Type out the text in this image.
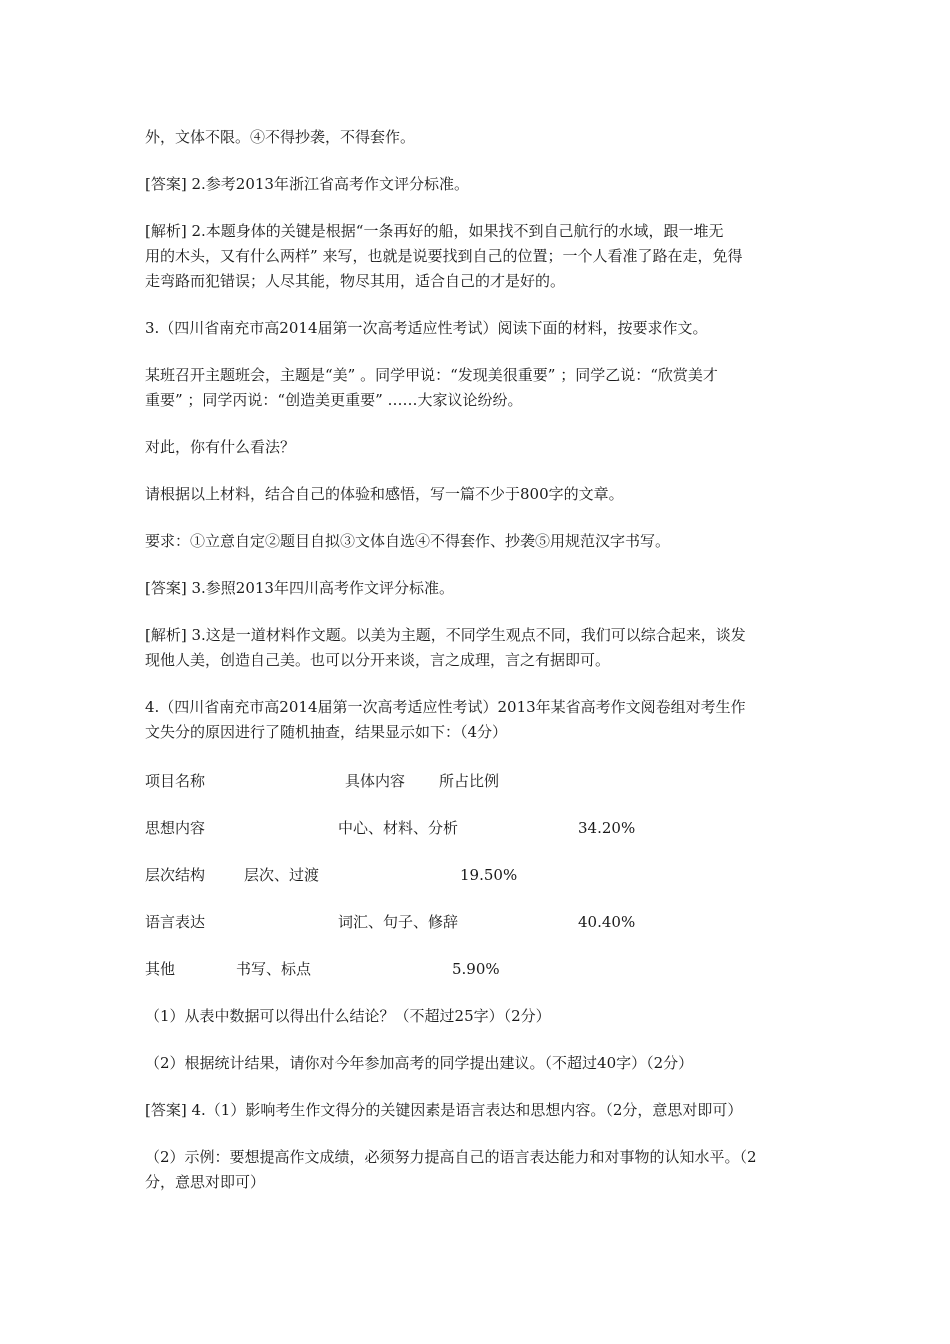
外，文体不限。④不得抄袭，不得套作。

[答案] 2.参考2013年浙江省高考作文评分标准。

[解析] 2.本题身体的关键是根据“一条再好的船，如果找不到自己航行的水域，跟一堆无

用的木头，又有什么两样” 来写，也就是说要找到自己的位置；一个人看准了路在走，免得

走弯路而犯错误；人尽其能，物尽其用，适合自己的才是好的。

3.（四川省南充市高2014届第一次高考适应性考试）阅读下面的材料，按要求作文。

某班召开主题班会，主题是“美” 。同学甲说：“发现美很重要” ；同学乙说：“欣赏美才

重要” ；同学丙说：“创造美更重要” ……大家议论纷纷。

对此，你有什么看法？

请根据以上材料，结合自己的体验和感悟，写一篇不少于800字的文章。

要求：①立意自定②题目自拟③文体自选④不得套作、抄袭⑤用规范汉字书写。

[答案] 3.参照2013年四川高考作文评分标准。

[解析] 3.这是一道材料作文题。以美为主题，不同学生观点不同，我们可以综合起来，谈发

现他人美，创造自己美。也可以分开来谈，言之成理，言之有据即可。

4.（四川省南充市高2014届第一次高考适应性考试）2013年某省高考作文阅卷组对考生作

文失分的原因进行了随机抽查，结果显示如下：（4分）

项目名称	具体内容 所占比例
思想内容	中心、材料、分析	34.20%
层次结构	层次、过渡	19.50%
语言表达	词汇、句子、修辞	40.40%
其他	书写、标点	5.90%

（1）从表中数据可以得出什么结论？（不超过25字）（2分）

（2）根据统计结果，请你对今年参加高考的同学提出建议。（不超过40字）（2分）

[答案] 4.（1）影响考生作文得分的关键因素是语言表达和思想内容。（2分，意思对即可）

（2）示例：要想提高作文成绩，必须努力提高自己的语言表达能力和对事物的认知水平。（2

分，意思对即可）
